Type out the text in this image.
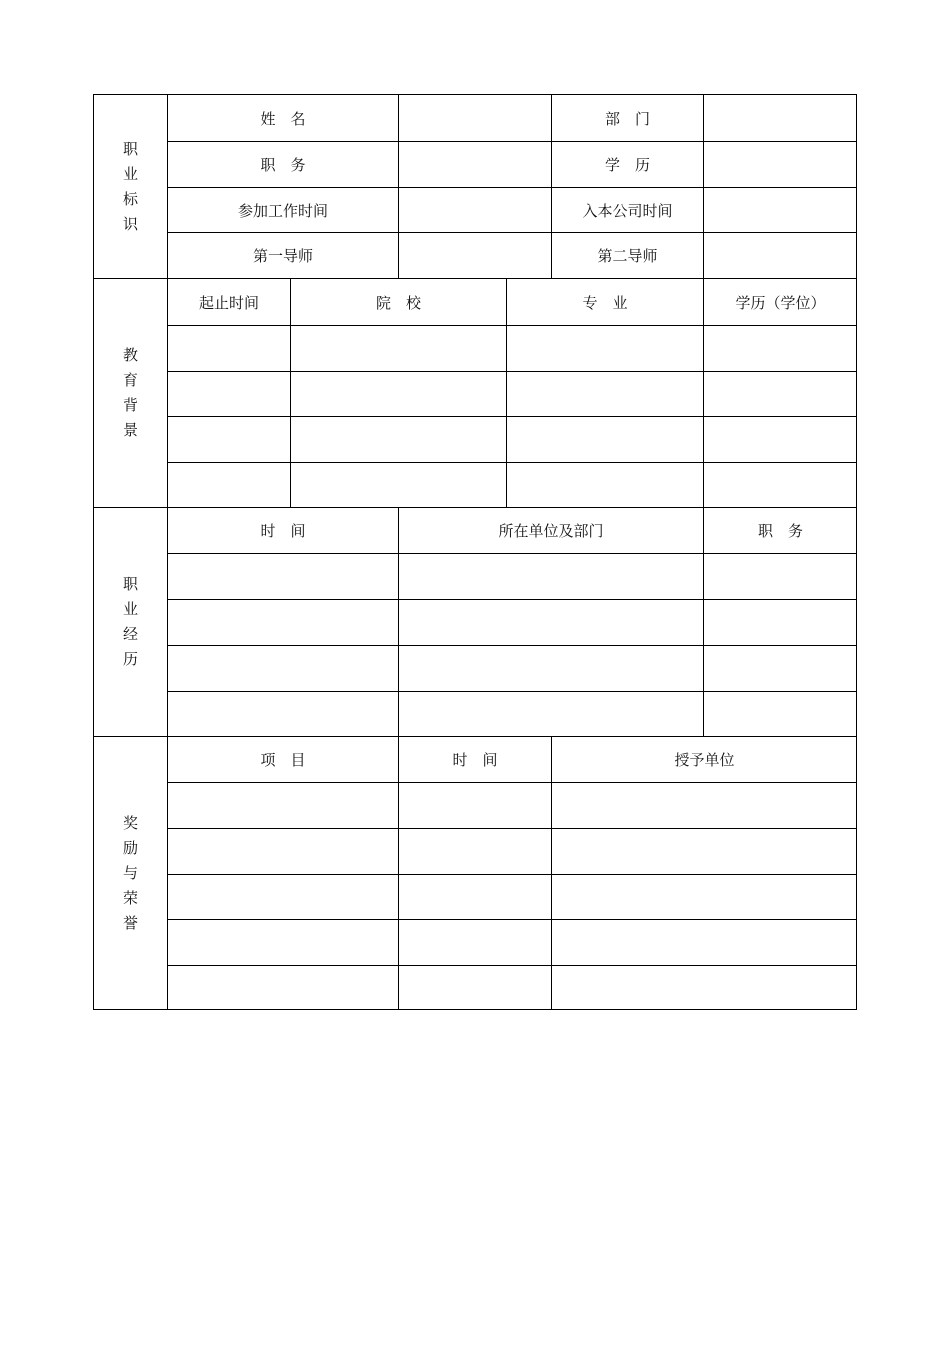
职
业
标
识
姓　名	部　门
职　务	学　历
参加工作时间	入本公司时间
第一导师	第二导师
教
育
背
景
起止时间	院　校	专　业	学历（学位）
职
业
经
历
时　间	所在单位及部门	职　务
奖
励
与
荣
誉
项　目	时　间	授予单位
